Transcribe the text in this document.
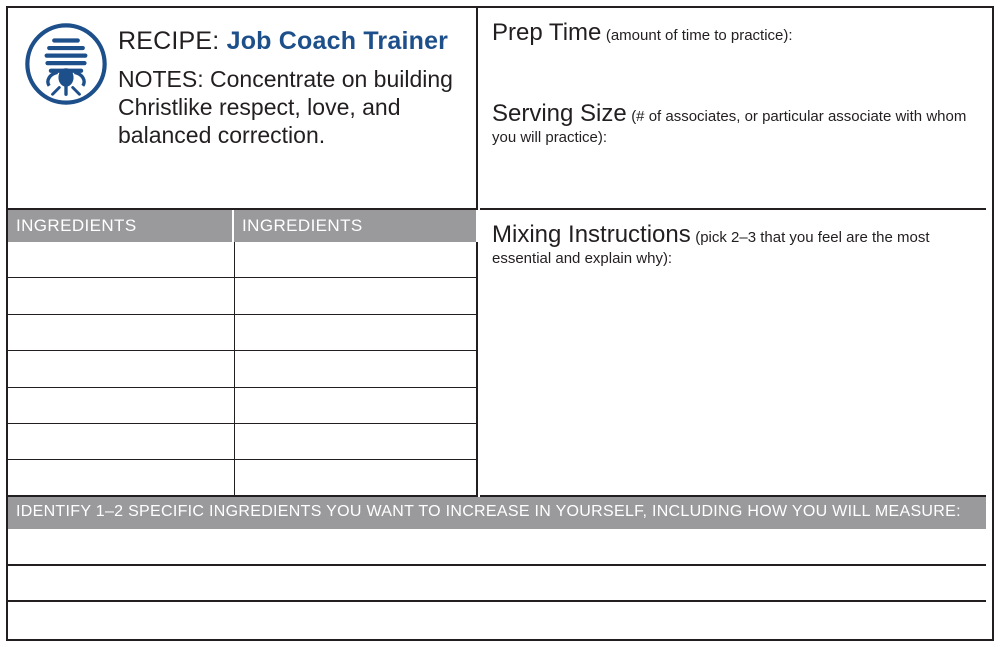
RECIPE: Job Coach Trainer
NOTES: Concentrate on building Christlike respect, love, and balanced correction.
Prep Time (amount of time to practice):
Serving Size (# of associates, or particular associate with whom you will practice):
INGREDIENTS	INGREDIENTS	Mixing Instructions (pick 2–3 that you feel are the most essential and explain why):
IDENTIFY 1–2 SPECIFIC INGREDIENTS YOU WANT TO INCREASE IN YOURSELF, INCLUDING HOW YOU WILL MEASURE:
